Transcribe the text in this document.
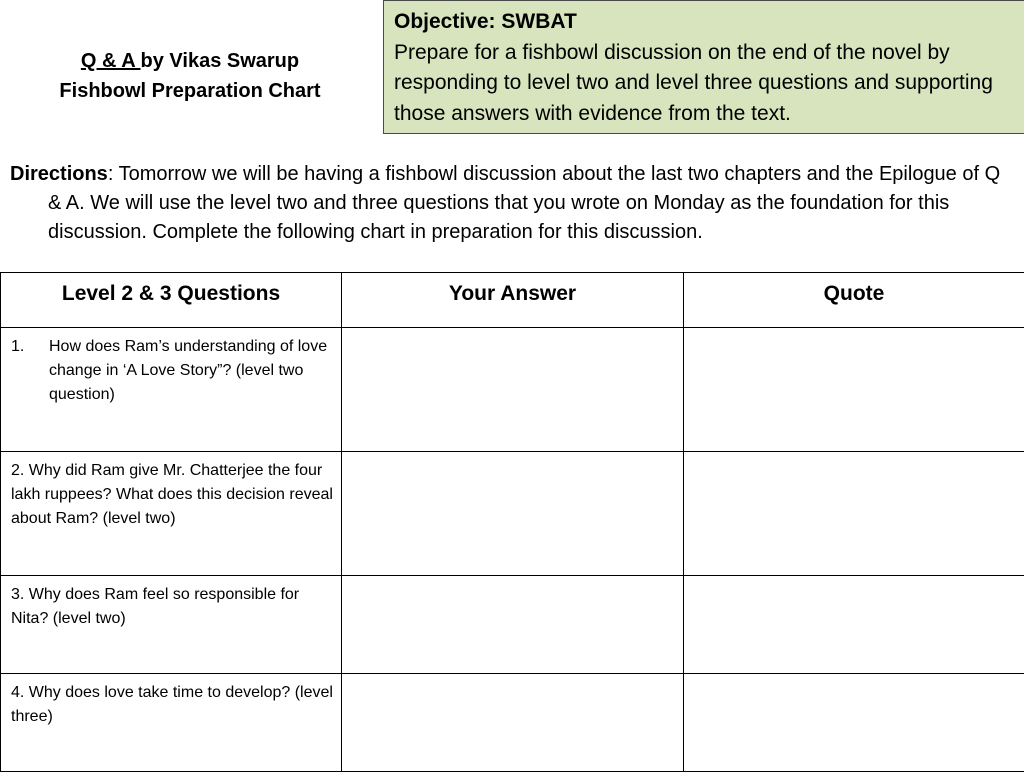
Q & A by Vikas Swarup
Fishbowl Preparation Chart
Objective: SWBAT
Prepare for a fishbowl discussion on the end of the novel by responding to level two and level three questions and supporting those answers with evidence from the text.
Directions: Tomorrow we will be having a fishbowl discussion about the last two chapters and the Epilogue of Q & A. We will use the level two and three questions that you wrote on Monday as the foundation for this discussion. Complete the following chart in preparation for this discussion.
Level 2 & 3 Questions	Your Answer	Quote

1. How does Ram’s understanding of love change in ‘A Love Story”? (level two question)		

2. Why did Ram give Mr. Chatterjee the four lakh ruppees? What does this decision reveal about Ram? (level two)		
3. Why does Ram feel so responsible for Nita? (level two)		
4. Why does love take time to develop? (level three)		
